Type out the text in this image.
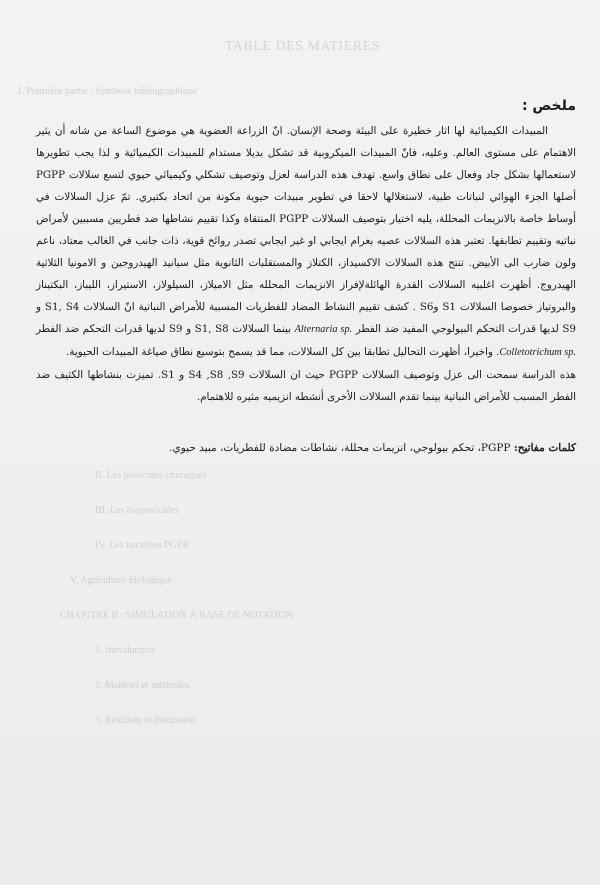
TABLE DES MATIERES
I. Première partie : Synthèse bibliographique
II. Les pesticides chimiques
III. Les biopesticides
IV. Les bactéries PGPR
V. Agriculture biologique
CHAPITRE II : SIMULATION À BASE DE NOTATION
1. Introduction
2. Matériel et méthodes
3. Résultats et discussion
ملخص :

المبيدات الكيميائية لها اثار خطيرة على البيئة وصحة الإنسان. انّ الزراعة العضوية هي موضوع الساعة من شانه أن يثير الاهتمام على مستوى العالم. وعليه، فانّ المبيدات الميكروبية قد تشكل بديلا مستدام للمبيدات الكيميائية و لذا يجب تطويرها لاستعمالها بشكل جاد وفعال على نطاق واسع. تهدف هذه الدراسة لعزل وتوصيف تشكلي وكيميائي حيوي لتسع سلالات PGPP أصلها الجزء الهوائي لنباتات طبية، لاستغلالها لاحقا في تطوير مبيدات حيوية مكونة من اتحاد بكتيري. تمّ عزل السلالات في أوساط خاصة بالانزيمات المحللة، يليه اختيار بتوصيف السلالات PGPP المنتقاة وكذا تقييم نشاطها ضد فطريين مسببين لأمراض نباتيه وتقييم تطابقها. تعتبر هذه السلالات عصيه بغرام ايجابي او غير ايجابي تصدر روائح قوية، ذات جانب في الغالب معتاد، ناعم ولون ضارب الى الأبيض. تنتج هذه السلالات الاكسيداز، الكتلاز والمستقلبات الثانوية مثل سيانيد الهيدروجين و الامونيا الثلاثية الهيدروج. أظهرت اغلبيه السلالات القدرة الهائلةلإفراز الانزيمات المحلله مثل الاميلاز، السيلولاز، الاستيراز، الليباز، البكتيناز والبروتياز خصوصا السلالات S1 وS6 . كشف تقييم النشاط المضاد للفطريات المسببة للأمراض النباتية انّ السلالات S1, S4 و S9 لديها قدرات التحكم البيولوجي المفيد ضد الفطر Alternaria sp. بينما السلالات S1, S8 و S9 لديها قدرات التحكم ضد الفطر Colletotrichum sp.. واخيرا، أظهرت التحاليل تطابقا بين كل السلالات، مما قد يسمح بتوسيع نطاق صياغة المبيدات الحيوية.

هذه الدراسة سمحت الى عزل وتوصيف السلالات PGPP حيث ان السلالات S4 ,S8 ,S9 و S1. تميزت بنشاطها الكثيف ضد الفطر المسبب للأمراض النباتية بينما تقدم السلالات الأخرى أنشطه انزيميه مثيره للاهتمام.

كلمات مفاتيح: PGPP، تحكم بيولوجي، انزيمات محللة، نشاطات مضادة للفطريات، مبيد حيوي.
